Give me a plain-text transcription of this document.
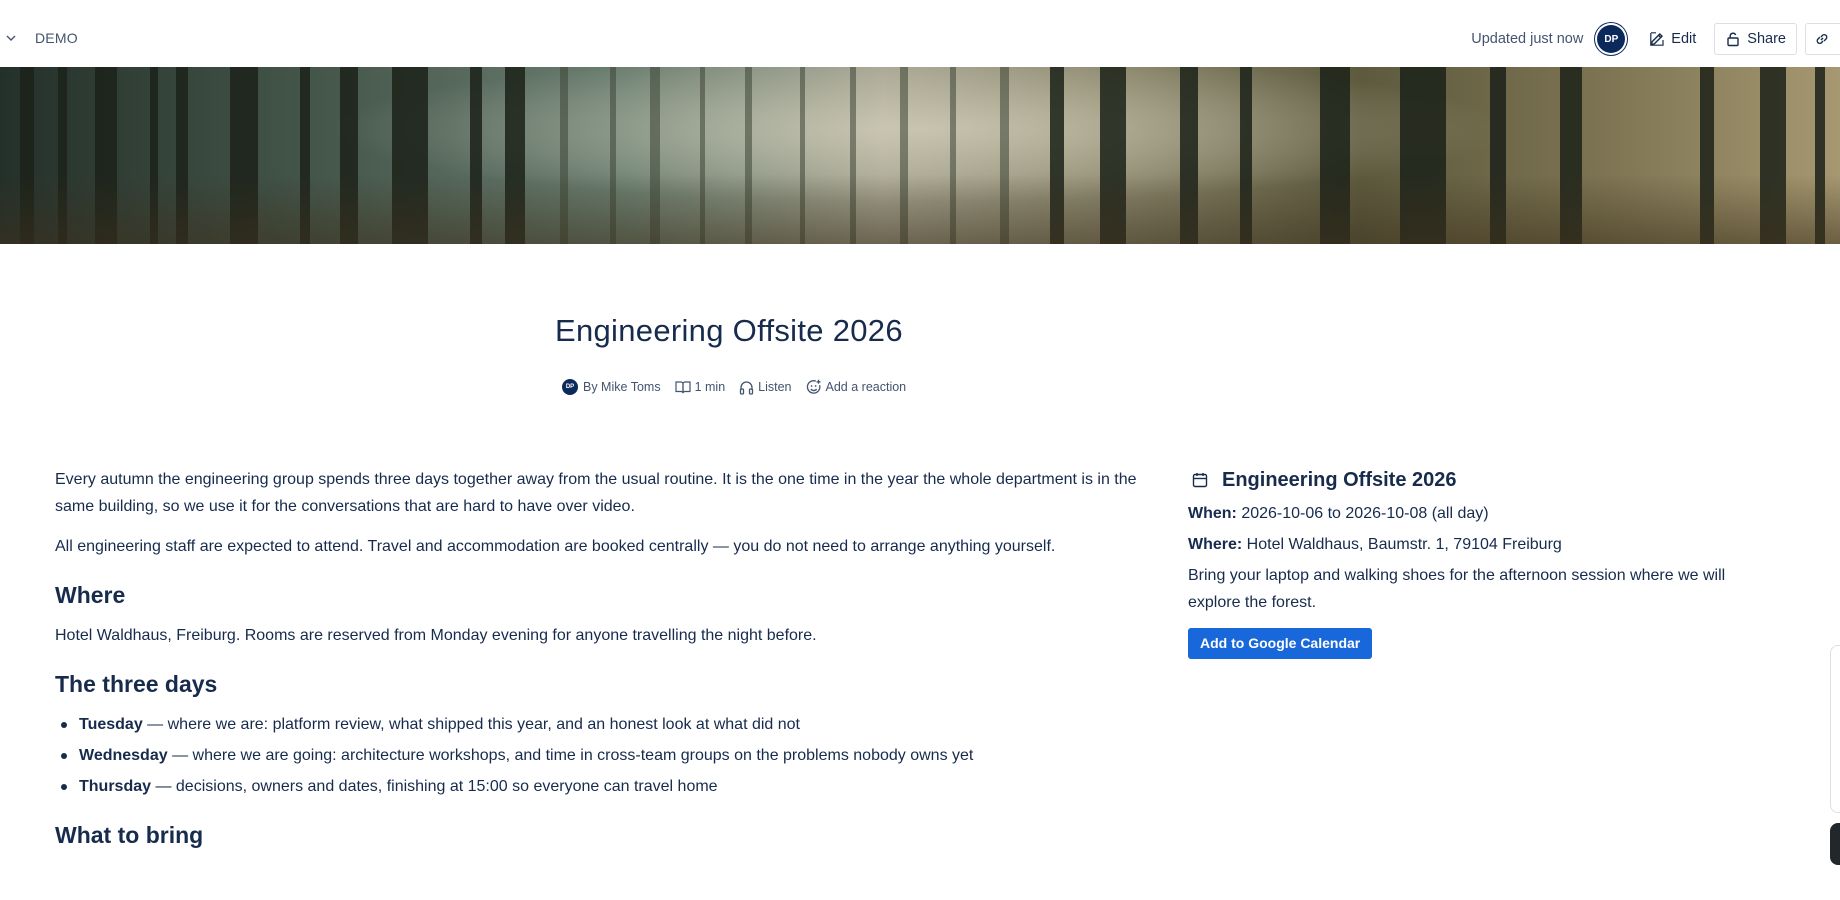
DEMO	Updated just now	DP	Edit	Share
Engineering Offsite 2026
DP By Mike Toms	1 min	Listen	Add a reaction

Every autumn the engineering group spends three days together away from the usual routine. It is the one time in the year the whole department is in the same building, so we use it for the conversations that are hard to have over video.

All engineering staff are expected to attend. Travel and accommodation are booked centrally — you do not need to arrange anything yourself.

Where

Hotel Waldhaus, Freiburg. Rooms are reserved from Monday evening for anyone travelling the night before.

The three days
Tuesday — where we are: platform review, what shipped this year, and an honest look at what did not
Wednesday — where we are going: architecture workshops, and time in cross-team groups on the problems nobody owns yet
Thursday — decisions, owners and dates, finishing at 15:00 so everyone can travel home
What to bring
Engineering Offsite 2026
When: 2026-10-06 to 2026-10-08 (all day)
Where: Hotel Waldhaus, Baumstr. 1, 79104 Freiburg
Bring your laptop and walking shoes for the afternoon session where we will explore the forest.
Add to Google Calendar
